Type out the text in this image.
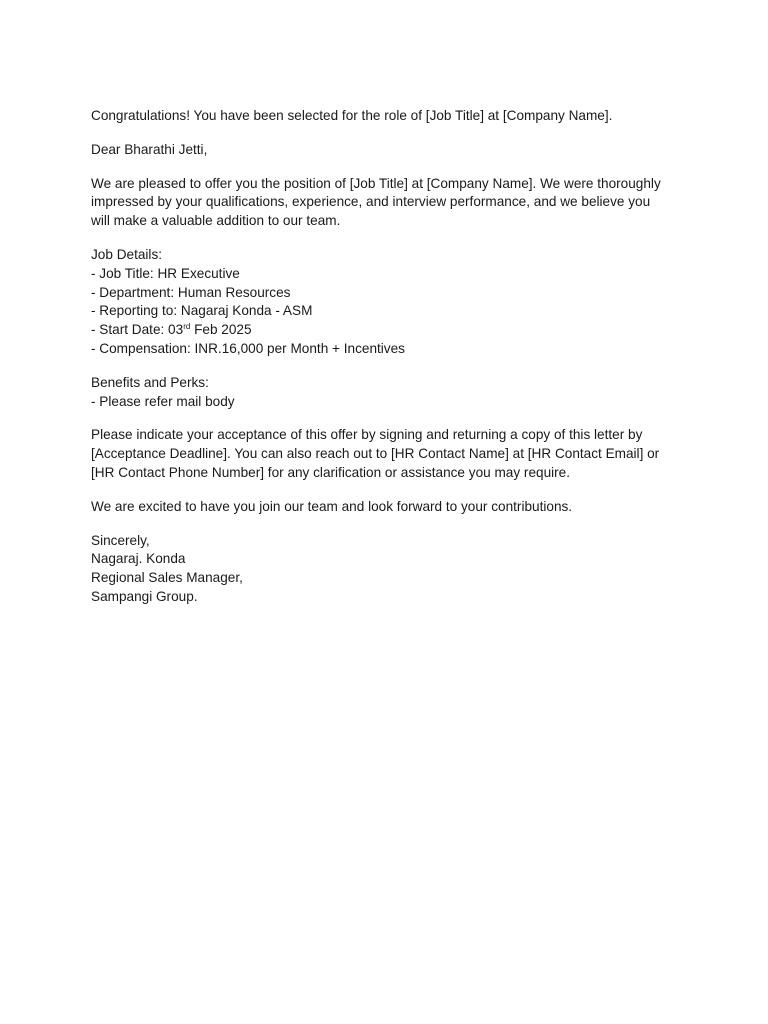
Congratulations! You have been selected for the role of [Job Title] at [Company Name].

Dear Bharathi Jetti,

We are pleased to offer you the position of [Job Title] at [Company Name]. We were thoroughly
impressed by your qualifications, experience, and interview performance, and we believe you
will make a valuable addition to our team.

Job Details:
- Job Title: HR Executive
- Department: Human Resources
- Reporting to: Nagaraj Konda - ASM
- Start Date: 03rd Feb 2025
- Compensation: INR.16,000 per Month + Incentives

Benefits and Perks:
- Please refer mail body

Please indicate your acceptance of this offer by signing and returning a copy of this letter by
[Acceptance Deadline]. You can also reach out to [HR Contact Name] at [HR Contact Email] or
[HR Contact Phone Number] for any clarification or assistance you may require.

We are excited to have you join our team and look forward to your contributions.

Sincerely,
Nagaraj. Konda
Regional Sales Manager,
Sampangi Group.
